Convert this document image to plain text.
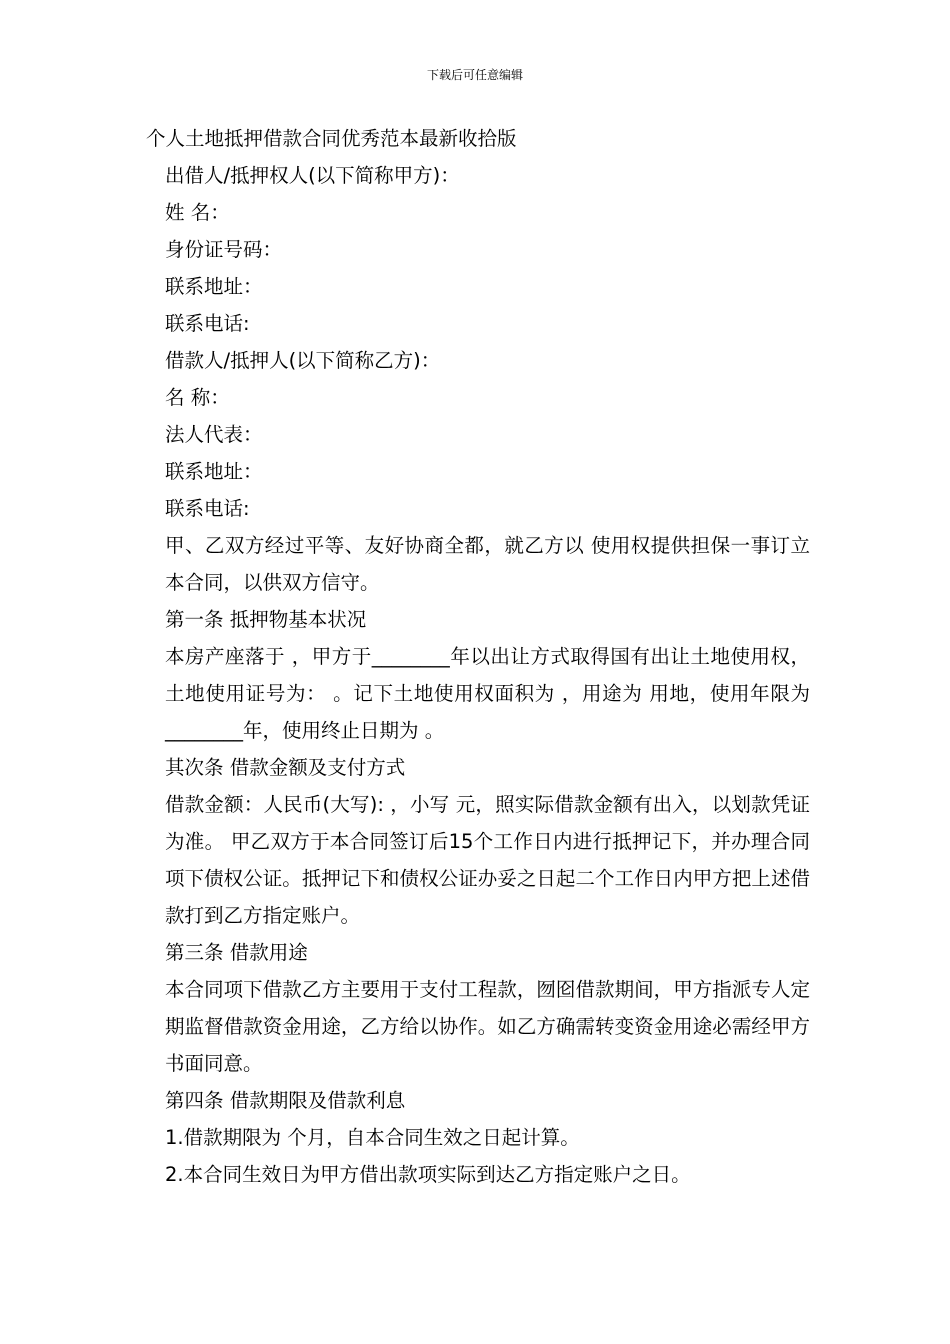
下载后可任意编辑

个人土地抵押借款合同优秀范本最新收拾版

出借人/抵押权人(以下简称甲方)：

姓 名：

身份证号码：

联系地址：

联系电话:

借款人/抵押人(以下简称乙方)：

名 称：

法人代表：

联系地址：

联系电话:

甲、乙双方经过平等、友好协商全都，就乙方以 使用权提供担保一事订立本合同，以供双方信守。

第一条 抵押物基本状况

本房产座落于 ，甲方于________年以出让方式取得国有出让土地使用权，土地使用证号为： 。记下土地使用权面积为 ，用途为 用地，使用年限为________年，使用终止日期为 。

其次条 借款金额及支付方式

借款金额：人民币(大写): ，小写 元，照实际借款金额有出入，以划款凭证为准。 甲乙双方于本合同签订后15个工作日内进行抵押记下，并办理合同项下债权公证。抵押记下和债权公证办妥之日起二个工作日内甲方把上述借款打到乙方指定账户。

第三条 借款用途

本合同项下借款乙方主要用于支付工程款，囫囵借款期间，甲方指派专人定期监督借款资金用途，乙方给以协作。如乙方确需转变资金用途必需经甲方书面同意。

第四条 借款期限及借款利息

1.借款期限为 个月，自本合同生效之日起计算。

2.本合同生效日为甲方借出款项实际到达乙方指定账户之日。
